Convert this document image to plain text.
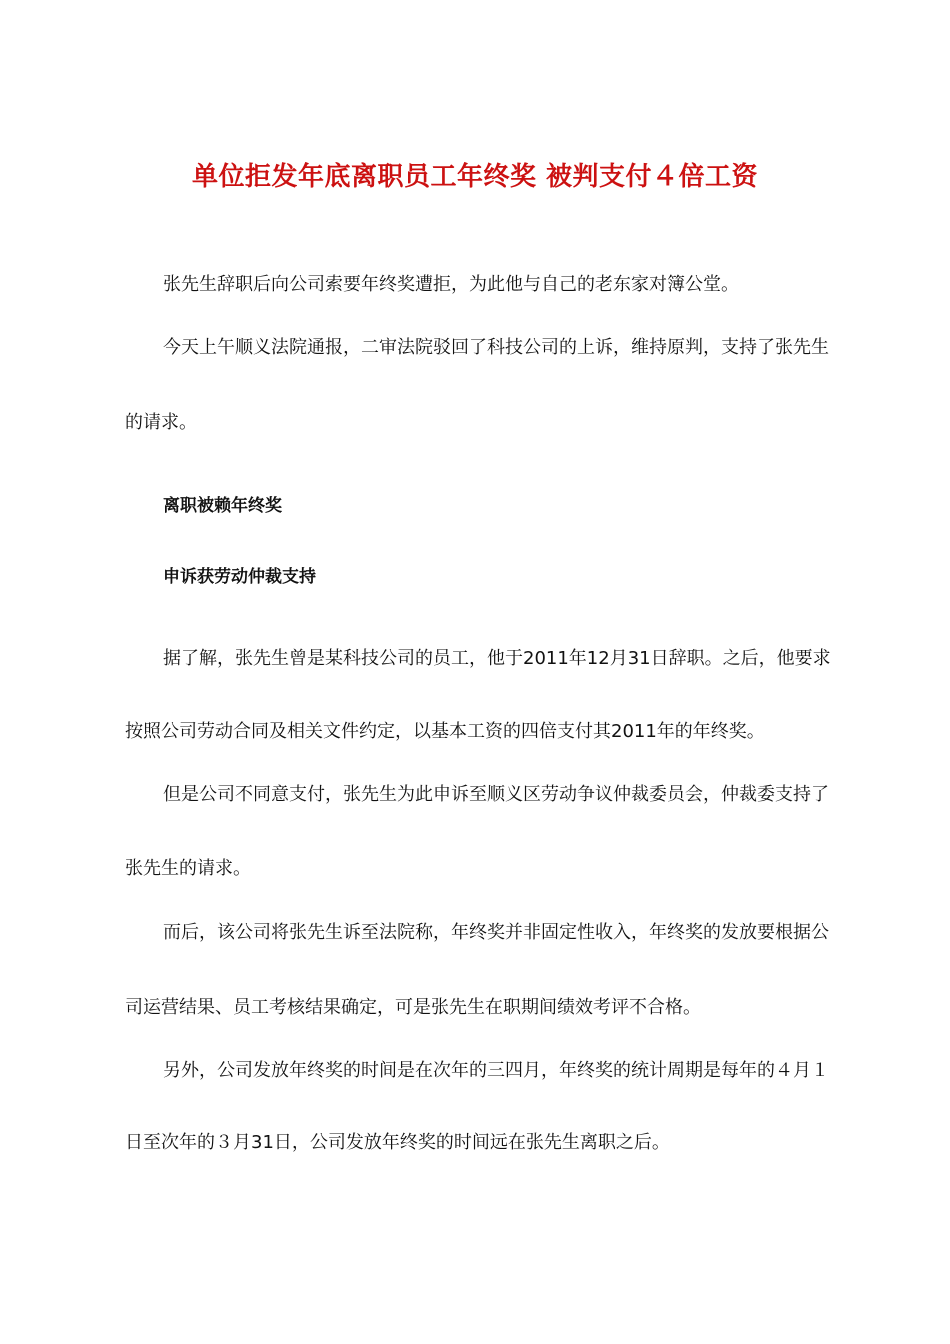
单位拒发年底离职员工年终奖 被判支付４倍工资
张先生辞职后向公司索要年终奖遭拒，为此他与自己的老东家对簿公堂。
今天上午顺义法院通报，二审法院驳回了科技公司的上诉，维持原判，支持了张先生
的请求。
离职被赖年终奖
申诉获劳动仲裁支持
据了解，张先生曾是某科技公司的员工，他于2011年12月31日辞职。之后，他要求
按照公司劳动合同及相关文件约定，以基本工资的四倍支付其2011年的年终奖。
但是公司不同意支付，张先生为此申诉至顺义区劳动争议仲裁委员会，仲裁委支持了
张先生的请求。
而后，该公司将张先生诉至法院称，年终奖并非固定性收入，年终奖的发放要根据公
司运营结果、员工考核结果确定，可是张先生在职期间绩效考评不合格。
另外，公司发放年终奖的时间是在次年的三四月，年终奖的统计周期是每年的４月１
日至次年的３月31日，公司发放年终奖的时间远在张先生离职之后。
